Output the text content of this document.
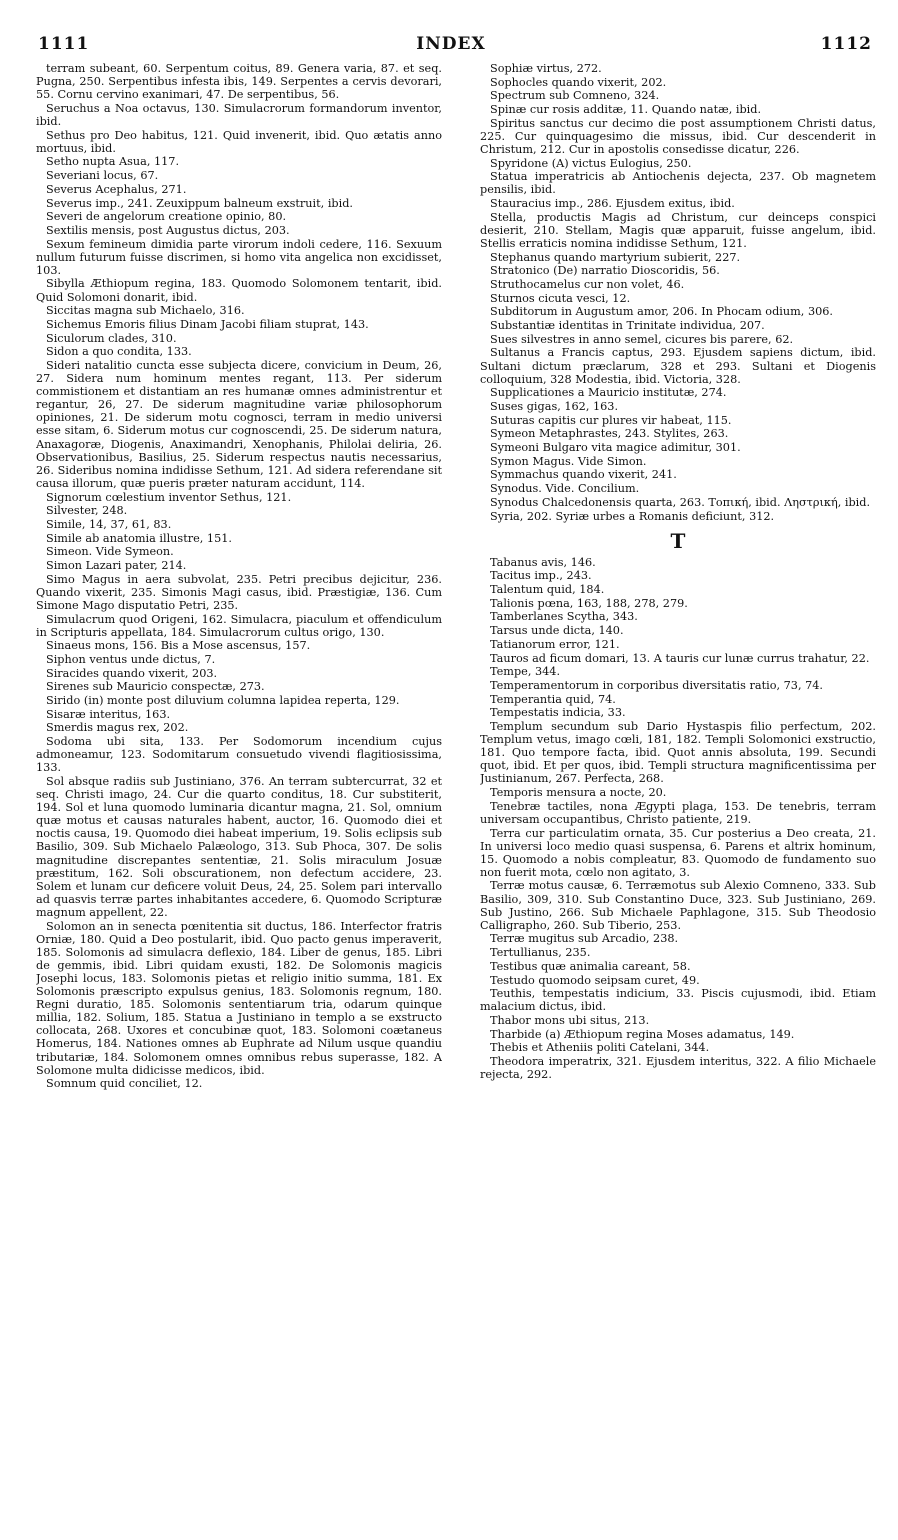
1111	INDEX	1112

terram subeant, 60. Serpentum coitus, 89. Genera varia, 87. et seq. Pugna, 250. Serpentibus infesta ibis, 149. Serpentes a cervis devorari, 55. Cornu cervino exanimari, 47. De serpentibus, 56.

Seruchus a Noa octavus, 130. Simulacrorum formandorum inventor, ibid.

Sethus pro Deo habitus, 121. Quid invenerit, ibid. Quo ætatis anno mortuus, ibid.

Setho nupta Asua, 117.

Severiani locus, 67.

Severus Acephalus, 271.

Severus imp., 241. Zeuxippum balneum exstruit, ibid.

Severi de angelorum creatione opinio, 80.

Sextilis mensis, post Augustus dictus, 203.

Sexum femineum dimidia parte virorum indoli cedere, 116. Sexuum nullum futurum fuisse discrimen, si homo vita angelica non excidisset, 103.

Sibylla Æthiopum regina, 183. Quomodo Solomonem tentarit, ibid. Quid Solomoni donarit, ibid.

Siccitas magna sub Michaelo, 316.

Sichemus Emoris filius Dinam Jacobi filiam stuprat, 143.

Siculorum clades, 310.

Sidon a quo condita, 133.

Sideri natalitio cuncta esse subjecta dicere, convicium in Deum, 26, 27. Sidera num hominum mentes regant, 113. Per siderum commistionem et distantiam an res humanæ omnes administrentur et regantur, 26, 27. De siderum magnitudine variæ philosophorum opiniones, 21. De siderum motu cognosci, terram in medio universi esse sitam, 6. Siderum motus cur cognoscendi, 25. De siderum natura, Anaxagoræ, Diogenis, Anaximandri, Xenophanis, Philolai deliria, 26. Observationibus, Basilius, 25. Siderum respectus nautis necessarius, 26. Sideribus nomina indidisse Sethum, 121. Ad sidera referendane sit causa illorum, quæ pueris præter naturam accidunt, 114.

Signorum cœlestium inventor Sethus, 121.

Silvester, 248.

Simile, 14, 37, 61, 83.

Simile ab anatomia illustre, 151.

Simeon. Vide Symeon.

Simon Lazari pater, 214.

Simo Magus in aera subvolat, 235. Petri precibus dejicitur, 236. Quando vixerit, 235. Simonis Magi casus, ibid. Præstigiæ, 136. Cum Simone Mago disputatio Petri, 235.

Simulacrum quod Origeni, 162. Simulacra, piaculum et offendiculum in Scripturis appellata, 184. Simulacrorum cultus origo, 130.

Sinaeus mons, 156. Bis a Mose ascensus, 157.

Siphon ventus unde dictus, 7.

Siracides quando vixerit, 203.

Sirenes sub Mauricio conspectæ, 273.

Sirido (in) monte post diluvium columna lapidea reperta, 129.

Sisaræ interitus, 163.

Smerdis magus rex, 202.

Sodoma ubi sita, 133. Per Sodomorum incendium cujus admoneamur, 123. Sodomitarum consuetudo vivendi flagitiosissima, 133.

Sol absque radiis sub Justiniano, 376. An terram subtercurrat, 32 et seq. Christi imago, 24. Cur die quarto conditus, 18. Cur substiterit, 194. Sol et luna quomodo luminaria dicantur magna, 21. Sol, omnium quæ motus et causas naturales habent, auctor, 16. Quomodo diei et noctis causa, 19. Quomodo diei habeat imperium, 19. Solis eclipsis sub Basilio, 309. Sub Michaelo Palæologo, 313. Sub Phoca, 307. De solis magnitudine discrepantes sententiæ, 21. Solis miraculum Josuæ præstitum, 162. Soli obscurationem, non defectum accidere, 23. Solem et lunam cur deficere voluit Deus, 24, 25. Solem pari intervallo ad quasvis terræ partes inhabitantes accedere, 6. Quomodo Scripturæ magnum appellent, 22.

Solomon an in senecta pœnitentia sit ductus, 186. Interfector fratris Orniæ, 180. Quid a Deo postularit, ibid. Quo pacto genus imperaverit, 185. Solomonis ad simulacra deflexio, 184. Liber de genus, 185. Libri de gemmis, ibid. Libri quidam exusti, 182. De Solomonis magicis Josephi locus, 183. Solomonis pietas et religio initio summa, 181. Ex Solomonis præscripto expulsus genius, 183. Solomonis regnum, 180. Regni duratio, 185. Solomonis sententiarum tria, odarum quinque millia, 182. Solium, 185. Statua a Justiniano in templo a se exstructo collocata, 268. Uxores et concubinæ quot, 183. Solomoni coætaneus Homerus, 184. Nationes omnes ab Euphrate ad Nilum usque quandiu tributariæ, 184. Solomonem omnes omnibus rebus superasse, 182. A Solomone multa didicisse medicos, ibid.

Somnum quid conciliet, 12.

Sophiæ virtus, 272.

Sophocles quando vixerit, 202.

Spectrum sub Comneno, 324.

Spinæ cur rosis additæ, 11. Quando natæ, ibid.

Spiritus sanctus cur decimo die post assumptionem Christi datus, 225. Cur quinquagesimo die missus, ibid. Cur descenderit in Christum, 212. Cur in apostolis consedisse dicatur, 226.

Spyridone (A) victus Eulogius, 250.

Statua imperatricis ab Antiochenis dejecta, 237. Ob magnetem pensilis, ibid.

Stauracius imp., 286. Ejusdem exitus, ibid.

Stella, productis Magis ad Christum, cur deinceps conspici desierit, 210. Stellam, Magis quæ apparuit, fuisse angelum, ibid. Stellis erraticis nomina indidisse Sethum, 121.

Stephanus quando martyrium subierit, 227.

Stratonico (De) narratio Dioscoridis, 56.

Struthocamelus cur non volet, 46.

Sturnos cicuta vesci, 12.

Subditorum in Augustum amor, 206. In Phocam odium, 306.

Substantiæ identitas in Trinitate individua, 207.

Sues silvestres in anno semel, cicures bis parere, 62.

Sultanus a Francis captus, 293. Ejusdem sapiens dictum, ibid. Sultani dictum præclarum, 328 et 293. Sultani et Diogenis colloquium, 328 Modestia, ibid. Victoria, 328.

Supplicationes a Mauricio institutæ, 274.

Suses gigas, 162, 163.

Suturas capitis cur plures vir habeat, 115.

Symeon Metaphrastes, 243. Stylites, 263.

Symeoni Bulgaro vita magice adimitur, 301.

Symon Magus. Vide Simon.

Symmachus quando vixerit, 241.

Synodus. Vide. Concilium.

Synodus Chalcedonensis quarta, 263. Τοπική, ibid. Ληστρική, ibid.

Syria, 202. Syriæ urbes a Romanis deficiunt, 312.

T

Tabanus avis, 146.

Tacitus imp., 243.

Talentum quid, 184.

Talionis pœna, 163, 188, 278, 279.

Tamberlanes Scytha, 343.

Tarsus unde dicta, 140.

Tatianorum error, 121.

Tauros ad ficum domari, 13. A tauris cur lunæ currus trahatur, 22.

Tempe, 344.

Temperamentorum in corporibus diversitatis ratio, 73, 74.

Temperantia quid, 74.

Tempestatis indicia, 33.

Templum secundum sub Dario Hystaspis filio perfectum, 202. Templum vetus, imago cœli, 181, 182. Templi Solomonici exstructio, 181. Quo tempore facta, ibid. Quot annis absoluta, 199. Secundi quot, ibid. Et per quos, ibid. Templi structura magnificentissima per Justinianum, 267. Perfecta, 268.

Temporis mensura a nocte, 20.

Tenebræ tactiles, nona Ægypti plaga, 153. De tenebris, terram universam occupantibus, Christo patiente, 219.

Terra cur particulatim ornata, 35. Cur posterius a Deo creata, 21. In universi loco medio quasi suspensa, 6. Parens et altrix hominum, 15. Quomodo a nobis compleatur, 83. Quomodo de fundamento suo non fuerit mota, cœlo non agitato, 3.

Terræ motus causæ, 6. Terræmotus sub Alexio Comneno, 333. Sub Basilio, 309, 310. Sub Constantino Duce, 323. Sub Justiniano, 269. Sub Justino, 266. Sub Michaele Paphlagone, 315. Sub Theodosio Calligrapho, 260. Sub Tiberio, 253.

Terræ mugitus sub Arcadio, 238.

Tertullianus, 235.

Testibus quæ animalia careant, 58.

Testudo quomodo seipsam curet, 49.

Teuthis, tempestatis indicium, 33. Piscis cujusmodi, ibid. Etiam malacium dictus, ibid.

Thabor mons ubi situs, 213.

Tharbide (a) Æthiopum regina Moses adamatus, 149.

Thebis et Atheniis politi Catelani, 344.

Theodora imperatrix, 321. Ejusdem interitus, 322. A filio Michaele rejecta, 292.
